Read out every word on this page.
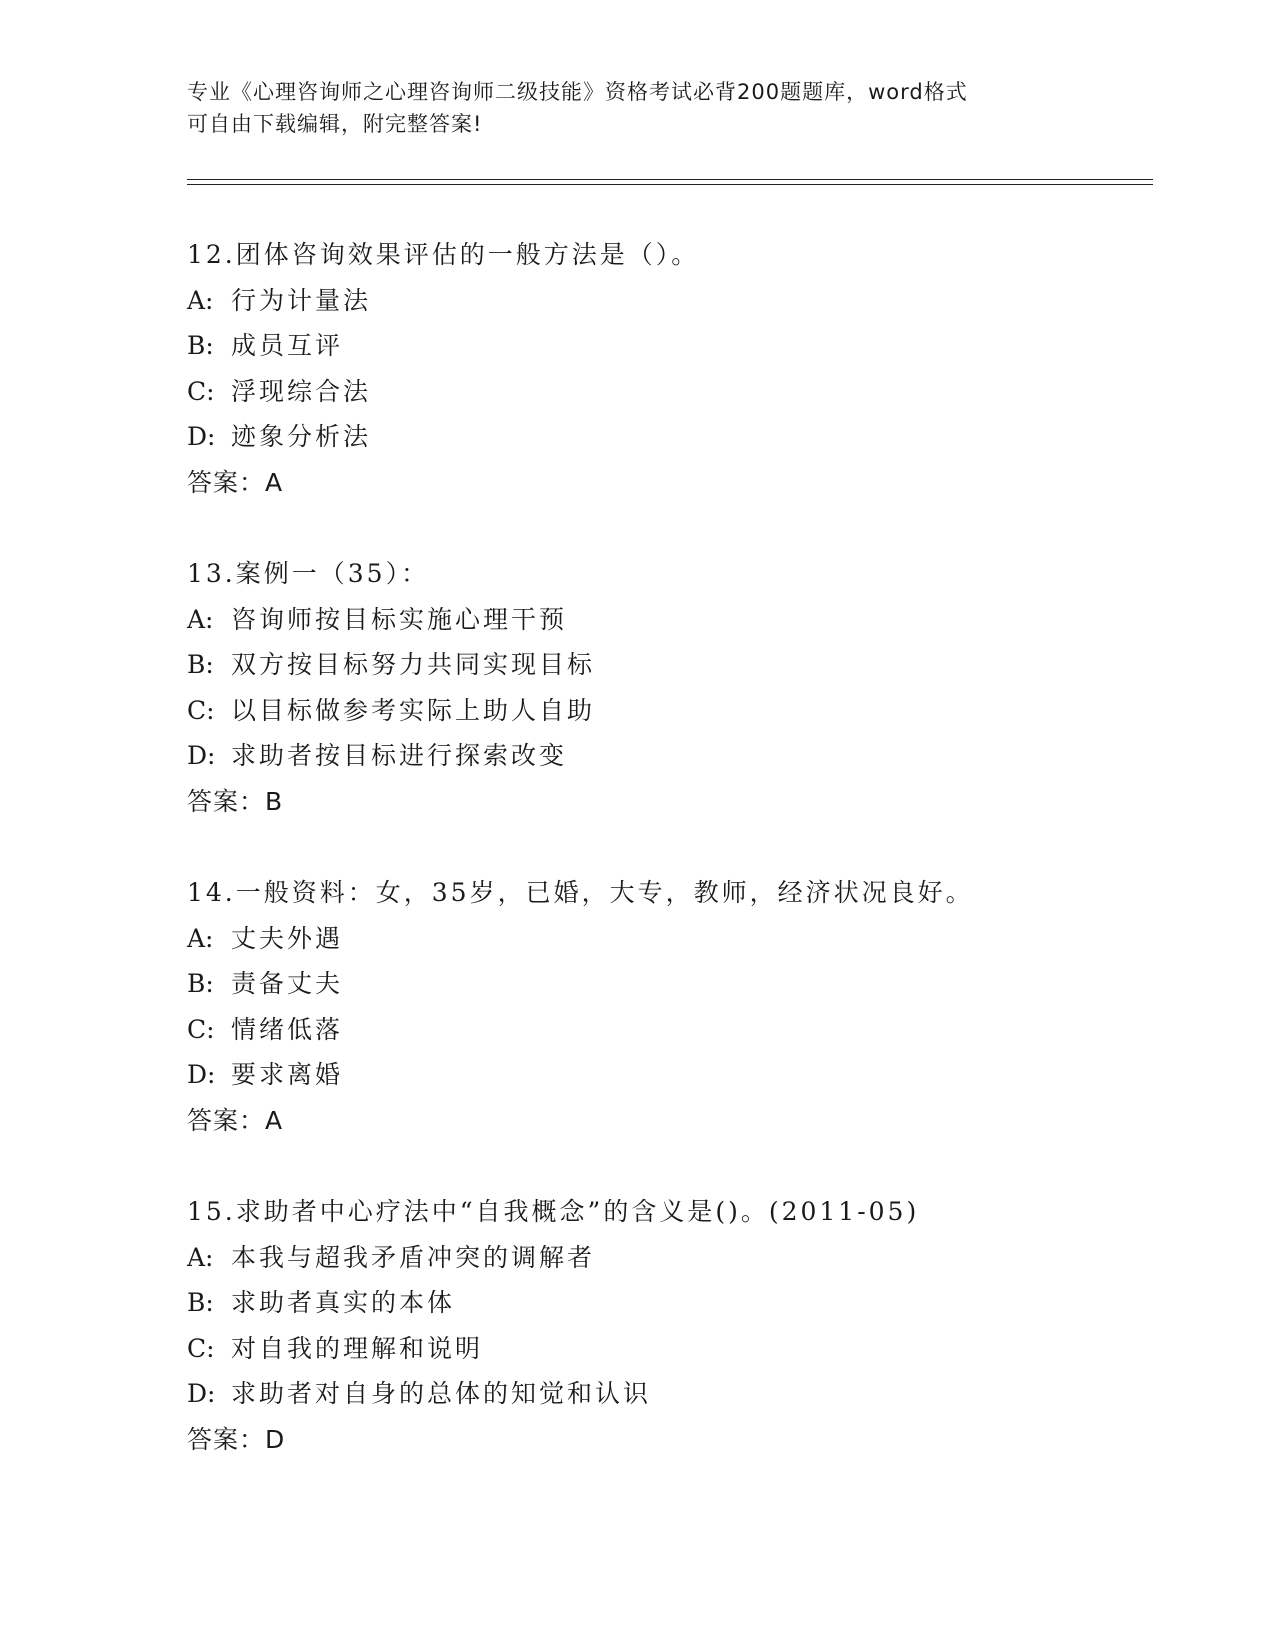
专业《心理咨询师之心理咨询师二级技能》资格考试必背200题题库，word格式
可自由下载编辑，附完整答案!
12.团体咨询效果评估的一般方法是（）。
A: 行为计量法
B: 成员互评
C: 浮现综合法
D: 迹象分析法
答案：A
13.案例一（35）：
A: 咨询师按目标实施心理干预
B: 双方按目标努力共同实现目标
C: 以目标做参考实际上助人自助
D: 求助者按目标进行探索改变
答案：B
14.一般资料：女，35岁，已婚，大专，教师，经济状况良好。
A: 丈夫外遇
B: 责备丈夫
C: 情绪低落
D: 要求离婚
答案：A
15.求助者中心疗法中“自我概念”的含义是()。(2011-05)
A: 本我与超我矛盾冲突的调解者
B: 求助者真实的本体
C: 对自我的理解和说明
D: 求助者对自身的总体的知觉和认识
答案：D
